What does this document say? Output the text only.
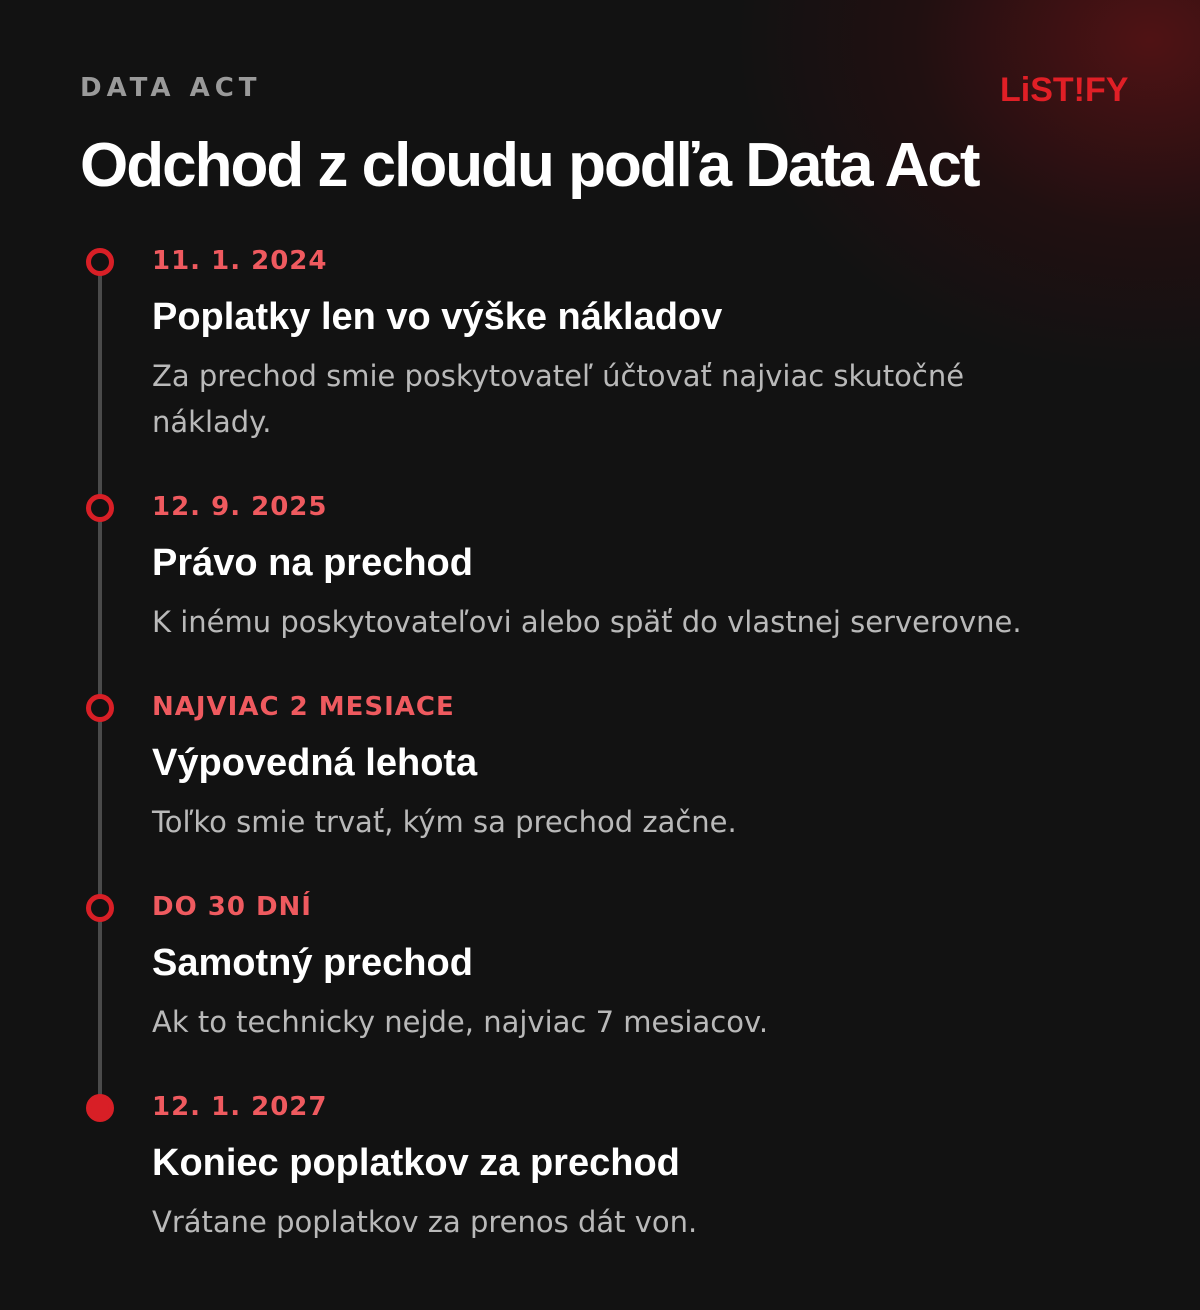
DATA ACT	LiST!FY
Odchod z cloudu podľa Data Act
11. 1. 2024
Poplatky len vo výške nákladov
Za prechod smie poskytovateľ účtovať najviac skutočné náklady.
12. 9. 2025
Právo na prechod
K inému poskytovateľovi alebo späť do vlastnej serverovne.
NAJVIAC 2 MESIACE
Výpovedná lehota
Toľko smie trvať, kým sa prechod začne.
DO 30 DNÍ
Samotný prechod
Ak to technicky nejde, najviac 7 mesiacov.
12. 1. 2027
Koniec poplatkov za prechod
Vrátane poplatkov za prenos dát von.
